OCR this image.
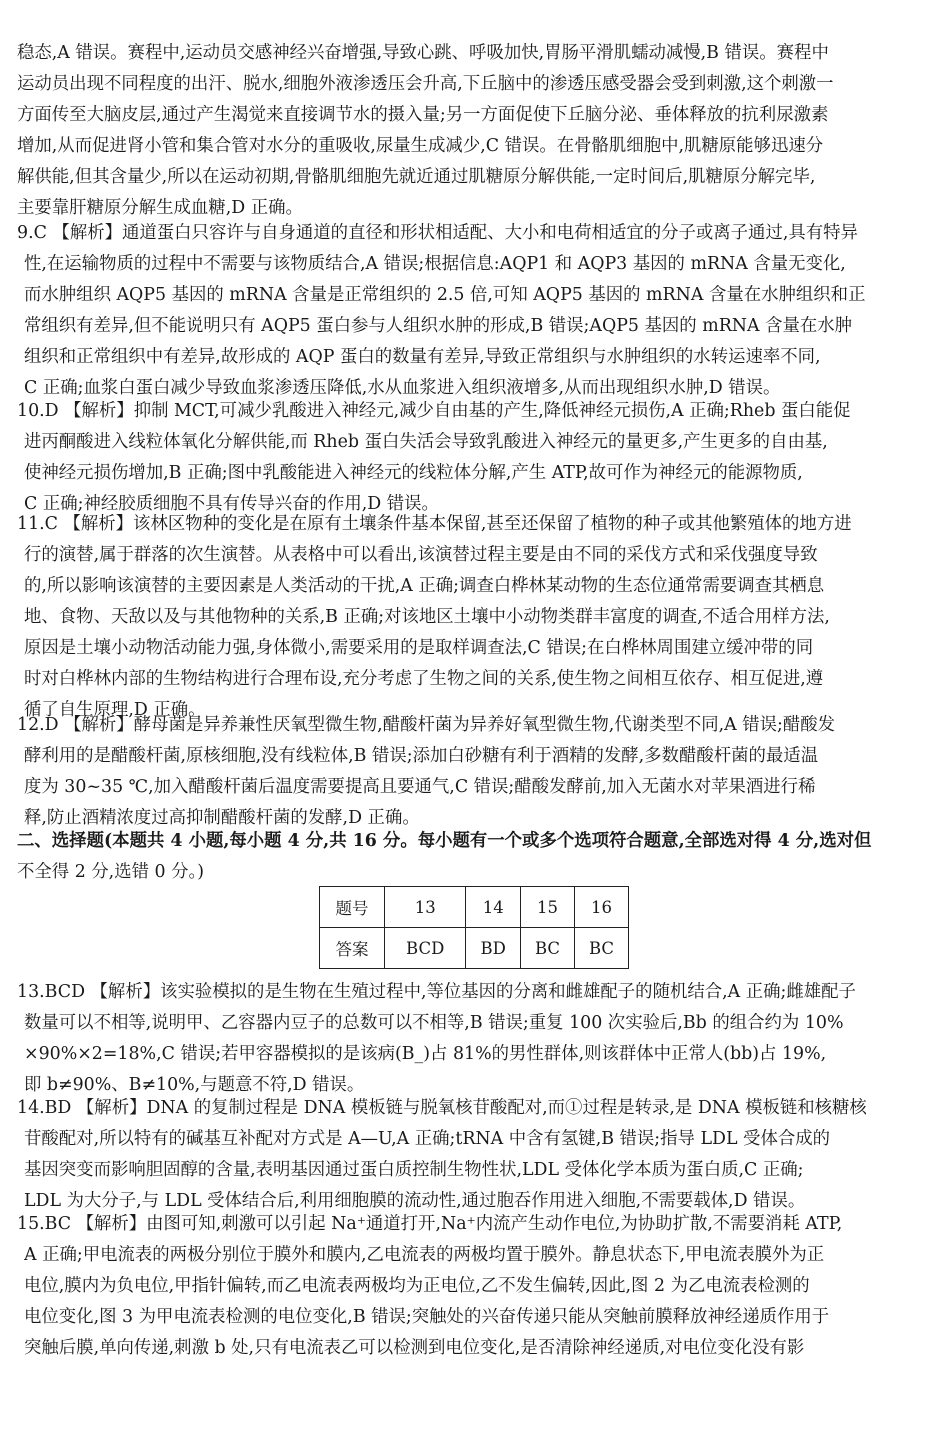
稳态,A 错误。赛程中,运动员交感神经兴奋增强,导致心跳、呼吸加快,胃肠平滑肌蠕动减慢,B 错误。赛程中
运动员出现不同程度的出汗、脱水,细胞外液渗透压会升高,下丘脑中的渗透压感受器会受到刺激,这个刺激一
方面传至大脑皮层,通过产生渴觉来直接调节水的摄入量;另一方面促使下丘脑分泌、垂体释放的抗利尿激素
增加,从而促进肾小管和集合管对水分的重吸收,尿量生成减少,C 错误。在骨骼肌细胞中,肌糖原能够迅速分
解供能,但其含量少,所以在运动初期,骨骼肌细胞先就近通过肌糖原分解供能,一定时间后,肌糖原分解完毕,
主要靠肝糖原分解生成血糖,D 正确。
9.C 【解析】通道蛋白只容许与自身通道的直径和形状相适配、大小和电荷相适宜的分子或离子通过,具有特异
性,在运输物质的过程中不需要与该物质结合,A 错误;根据信息:AQP1 和 AQP3 基因的 mRNA 含量无变化,
而水肿组织 AQP5 基因的 mRNA 含量是正常组织的 2.5 倍,可知 AQP5 基因的 mRNA 含量在水肿组织和正
常组织有差异,但不能说明只有 AQP5 蛋白参与人组织水肿的形成,B 错误;AQP5 基因的 mRNA 含量在水肿
组织和正常组织中有差异,故形成的 AQP 蛋白的数量有差异,导致正常组织与水肿组织的水转运速率不同,
C 正确;血浆白蛋白减少导致血浆渗透压降低,水从血浆进入组织液增多,从而出现组织水肿,D 错误。
10.D 【解析】抑制 MCT,可减少乳酸进入神经元,减少自由基的产生,降低神经元损伤,A 正确;Rheb 蛋白能促
进丙酮酸进入线粒体氧化分解供能,而 Rheb 蛋白失活会导致乳酸进入神经元的量更多,产生更多的自由基,
使神经元损伤增加,B 正确;图中乳酸能进入神经元的线粒体分解,产生 ATP,故可作为神经元的能源物质,
C 正确;神经胶质细胞不具有传导兴奋的作用,D 错误。
11.C 【解析】该林区物种的变化是在原有土壤条件基本保留,甚至还保留了植物的种子或其他繁殖体的地方进
行的演替,属于群落的次生演替。从表格中可以看出,该演替过程主要是由不同的采伐方式和采伐强度导致
的,所以影响该演替的主要因素是人类活动的干扰,A 正确;调查白桦林某动物的生态位通常需要调查其栖息
地、食物、天敌以及与其他物种的关系,B 正确;对该地区土壤中小动物类群丰富度的调查,不适合用样方法,
原因是土壤小动物活动能力强,身体微小,需要采用的是取样调查法,C 错误;在白桦林周围建立缓冲带的同
时对白桦林内部的生物结构进行合理布设,充分考虑了生物之间的关系,使生物之间相互依存、相互促进,遵
循了自生原理,D 正确。
12.D 【解析】酵母菌是异养兼性厌氧型微生物,醋酸杆菌为异养好氧型微生物,代谢类型不同,A 错误;醋酸发
酵利用的是醋酸杆菌,原核细胞,没有线粒体,B 错误;添加白砂糖有利于酒精的发酵,多数醋酸杆菌的最适温
度为 30~35 ℃,加入醋酸杆菌后温度需要提高且要通气,C 错误;醋酸发酵前,加入无菌水对苹果酒进行稀
释,防止酒精浓度过高抑制醋酸杆菌的发酵,D 正确。
二、选择题(本题共 4 小题,每小题 4 分,共 16 分。每小题有一个或多个选项符合题意,全部选对得 4 分,选对但
不全得 2 分,选错 0 分。)
题号	13	14	15	16
答案	BCD	BD	BC	BC
13.BCD 【解析】该实验模拟的是生物在生殖过程中,等位基因的分离和雌雄配子的随机结合,A 正确;雌雄配子
数量可以不相等,说明甲、乙容器内豆子的总数可以不相等,B 错误;重复 100 次实验后,Bb 的组合约为 10%
×90%×2=18%,C 错误;若甲容器模拟的是该病(B_)占 81%的男性群体,则该群体中正常人(bb)占 19%,
即 b≠90%、B≠10%,与题意不符,D 错误。
14.BD 【解析】DNA 的复制过程是 DNA 模板链与脱氧核苷酸配对,而①过程是转录,是 DNA 模板链和核糖核
苷酸配对,所以特有的碱基互补配对方式是 A—U,A 正确;tRNA 中含有氢键,B 错误;指导 LDL 受体合成的
基因突变而影响胆固醇的含量,表明基因通过蛋白质控制生物性状,LDL 受体化学本质为蛋白质,C 正确;
LDL 为大分子,与 LDL 受体结合后,利用细胞膜的流动性,通过胞吞作用进入细胞,不需要载体,D 错误。
15.BC 【解析】由图可知,刺激可以引起 Na⁺通道打开,Na⁺内流产生动作电位,为协助扩散,不需要消耗 ATP,
A 正确;甲电流表的两极分别位于膜外和膜内,乙电流表的两极均置于膜外。静息状态下,甲电流表膜外为正
电位,膜内为负电位,甲指针偏转,而乙电流表两极均为正电位,乙不发生偏转,因此,图 2 为乙电流表检测的
电位变化,图 3 为甲电流表检测的电位变化,B 错误;突触处的兴奋传递只能从突触前膜释放神经递质作用于
突触后膜,单向传递,刺激 b 处,只有电流表乙可以检测到电位变化,是否清除神经递质,对电位变化没有影
